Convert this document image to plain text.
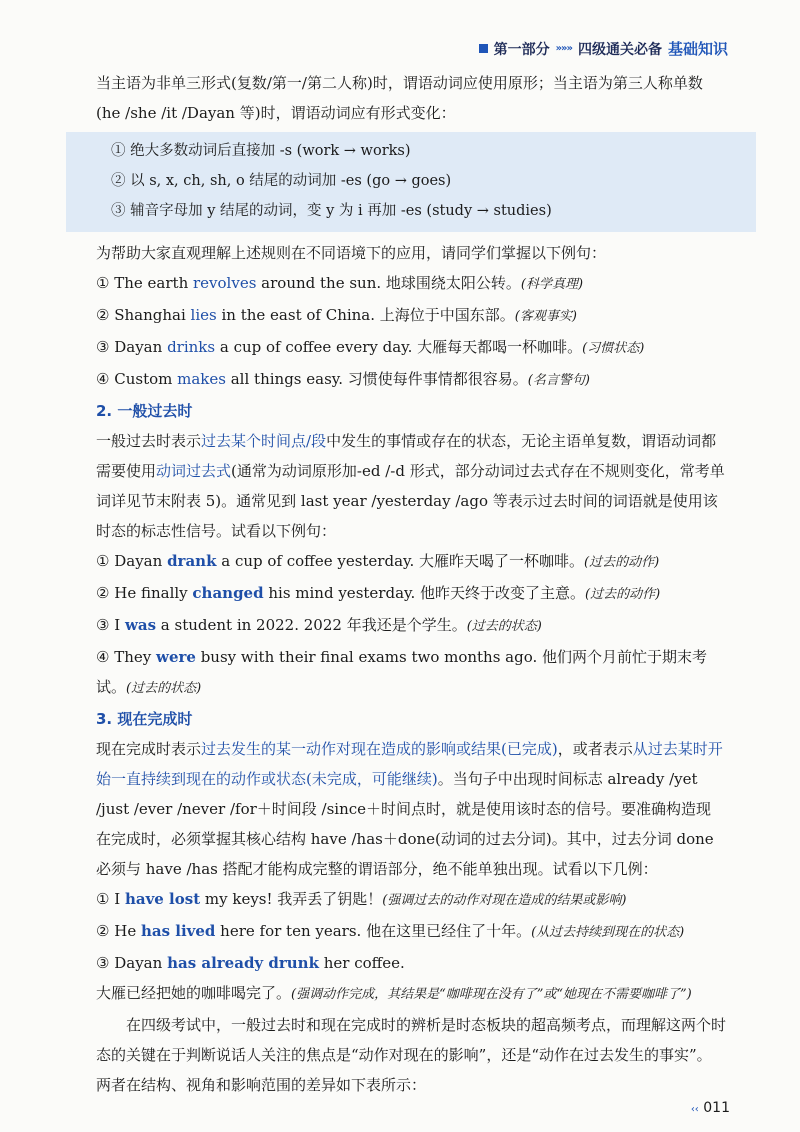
第一部分 »»» 四级通关必备 基础知识

当主语为非单三形式(复数/第一/第二人称)时，谓语动词应使用原形；当主语为第三人称单数(he /she /it /Dayan 等)时，谓语动词应有形式变化：

① 绝大多数动词后直接加 -s (work → works)
② 以 s, x, ch, sh, o 结尾的动词加 -es (go → goes)
③ 辅音字母加 y 结尾的动词，变 y 为 i 再加 -es (study → studies)

为帮助大家直观理解上述规则在不同语境下的应用，请同学们掌握以下例句：

① The earth revolves around the sun. 地球围绕太阳公转。(科学真理)

② Shanghai lies in the east of China. 上海位于中国东部。(客观事实)

③ Dayan drinks a cup of coffee every day. 大雁每天都喝一杯咖啡。(习惯状态)

④ Custom makes all things easy. 习惯使每件事情都很容易。(名言警句)

2. 一般过去时

一般过去时表示过去某个时间点/段中发生的事情或存在的状态，无论主语单复数，谓语动词都需要使用动词过去式(通常为动词原形加-ed /-d 形式，部分动词过去式存在不规则变化，常考单词详见节末附表 5)。通常见到 last year /yesterday /ago 等表示过去时间的词语就是使用该时态的标志性信号。试看以下例句：

① Dayan drank a cup of coffee yesterday. 大雁昨天喝了一杯咖啡。(过去的动作)

② He finally changed his mind yesterday. 他昨天终于改变了主意。(过去的动作)

③ I was a student in 2022. 2022 年我还是个学生。(过去的状态)

④ They were busy with their final exams two months ago. 他们两个月前忙于期末考试。(过去的状态)

3. 现在完成时

现在完成时表示过去发生的某一动作对现在造成的影响或结果(已完成)，或者表示从过去某时开始一直持续到现在的动作或状态(未完成，可能继续)。当句子中出现时间标志 already /yet /just /ever /never /for＋时间段 /since＋时间点时，就是使用该时态的信号。要准确构造现在完成时，必须掌握其核心结构 have /has＋done(动词的过去分词)。其中，过去分词 done 必须与 have /has 搭配才能构成完整的谓语部分，绝不能单独出现。试看以下几例：

① I have lost my keys! 我弄丢了钥匙！(强调过去的动作对现在造成的结果或影响)

② He has lived here for ten years. 他在这里已经住了十年。(从过去持续到现在的状态)

③ Dayan has already drunk her coffee.

大雁已经把她的咖啡喝完了。(强调动作完成，其结果是“咖啡现在没有了”或“她现在不需要咖啡了”)

在四级考试中，一般过去时和现在完成时的辨析是时态板块的超高频考点，而理解这两个时态的关键在于判断说话人关注的焦点是“动作对现在的影响”，还是“动作在过去发生的事实”。两者在结构、视角和影响范围的差异如下表所示：

‹‹ 011
